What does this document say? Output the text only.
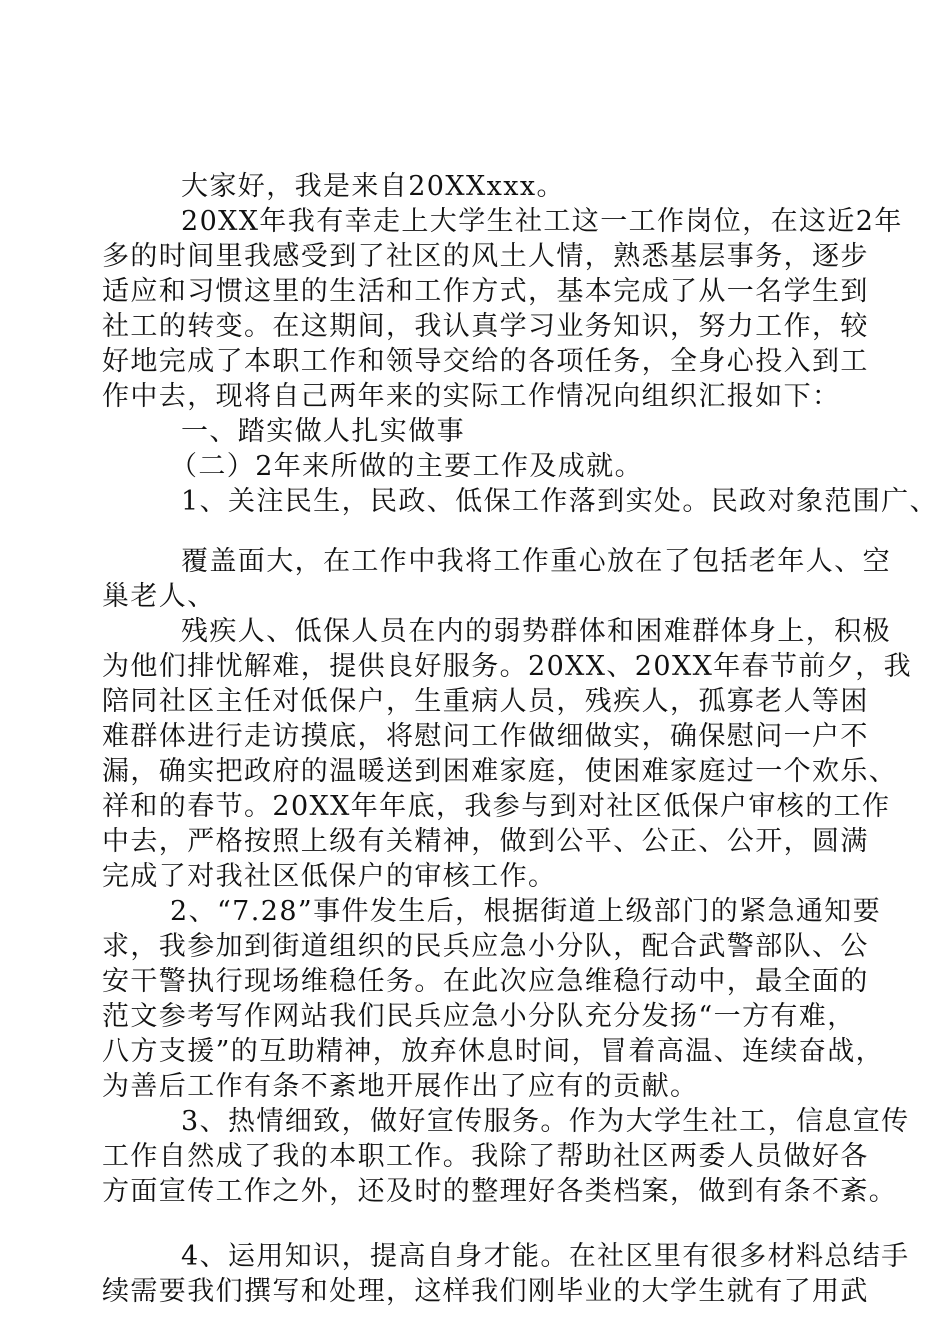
大家好，我是来自20XXxxx。
20XX年我有幸走上大学生社工这一工作岗位，在这近2年
多的时间里我感受到了社区的风土人情，熟悉基层事务，逐步
适应和习惯这里的生活和工作方式，基本完成了从一名学生到
社工的转变。在这期间，我认真学习业务知识，努力工作，较
好地完成了本职工作和领导交给的各项任务，全身心投入到工
作中去，现将自己两年来的实际工作情况向组织汇报如下：
一、踏实做人扎实做事
（二）2年来所做的主要工作及成就。
1、关注民生，民政、低保工作落到实处。民政对象范围广、
覆盖面大，在工作中我将工作重心放在了包括老年人、空
巢老人、
残疾人、低保人员在内的弱势群体和困难群体身上，积极
为他们排忧解难，提供良好服务。20XX、20XX年春节前夕，我
陪同社区主任对低保户，生重病人员，残疾人，孤寡老人等困
难群体进行走访摸底，将慰问工作做细做实，确保慰问一户不
漏，确实把政府的温暖送到困难家庭，使困难家庭过一个欢乐、
祥和的春节。20XX年年底，我参与到对社区低保户审核的工作
中去，严格按照上级有关精神，做到公平、公正、公开，圆满
完成了对我社区低保户的审核工作。
2、“7.28”事件发生后，根据街道上级部门的紧急通知要
求，我参加到街道组织的民兵应急小分队，配合武警部队、公
安干警执行现场维稳任务。在此次应急维稳行动中，最全面的
范文参考写作网站我们民兵应急小分队充分发扬“一方有难，
八方支援”的互助精神，放弃休息时间，冒着高温、连续奋战，
为善后工作有条不紊地开展作出了应有的贡献。
3、热情细致，做好宣传服务。作为大学生社工，信息宣传
工作自然成了我的本职工作。我除了帮助社区两委人员做好各
方面宣传工作之外，还及时的整理好各类档案，做到有条不紊。
4、运用知识，提高自身才能。在社区里有很多材料总结手
续需要我们撰写和处理，这样我们刚毕业的大学生就有了用武
